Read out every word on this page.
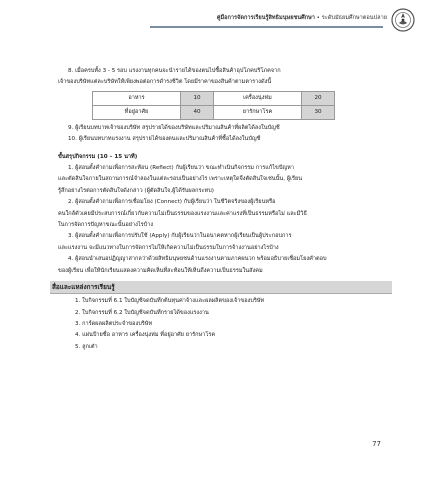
คู่มือการจัดการเรียนรู้สิทธิมนุษยชนศึกษา • ระดับมัธยมศึกษาตอนปลาย

8. เมื่อครบทั้ง 3 - 5 รอบ แรงงานทุกคนจะนำรายได้ของตนไปซื้อสินค้าอุปโภคบริโภคจาก

เจ้าของบริษัทแต่ละบริษัทให้เพียงพอต่อการดำรงชีวิต โดยมีราคาของสินค้าตามตารางดังนี้

อาหาร	10	เครื่องนุ่งห่ม	20
ที่อยู่อาศัย	40	ยารักษาโรค	30

9. ผู้เรียนบทบาทเจ้าของบริษัท สรุปรายได้ของบริษัทและปริมาณสินค้าที่ผลิตได้ลงในบัญชี

10. ผู้เรียนบทบาทแรงงาน สรุปรายได้ของตนและปริมาณสินค้าที่ซื้อได้ลงในบัญชี

ขั้นสรุปกิจกรรม (10 – 15 นาที)

1. ผู้สอนตั้งคำถามเพื่อการสะท้อน (Reflect) กับผู้เรียนว่า ขณะทำเนินกิจกรรม การแก้ไขปัญหา

และตัดสินใจภายในสถานการณ์จำลองในแต่ละรอบเป็นอย่างไร เพราะเหตุใดจึงตัดสินใจเช่นนั้น, ผู้เรียน

รู้สึกอย่างไรต่อการตัดสินใจดังกล่าว (ผู้ตัดสินใจ,ผู้ได้รับผลกระทบ)

2. ผู้สอนตั้งคำถามเพื่อการเชื่อมโยง (Connect) กับผู้เรียนว่า ในชีวิตจริงของผู้เรียนหรือ

คนใกล้ตัวเคยมีประสบการณ์เกี่ยวกับความไม่เป็นธรรมของแรงงานและค่าแรงที่เป็นธรรมหรือไม่ และมีวิธี

ในการจัดการปัญหาขณะนั้นอย่างไรบ้าง

3. ผู้สอนตั้งคำถามเพื่อการปรับใช้ (Apply) กับผู้เรียนว่าในอนาคตหากผู้เรียนเป็นผู้ประกอบการ

และแรงงาน จะมีแนวทางในการจัดการไม่ให้เกิดความไม่เป็นธรรมในการจ้างงานอย่างไรบ้าง

4. ผู้สอนนำเสนอปฏิญญาสากลว่าด้วยสิทธิมนุษยชนด้านแรงงานตามภาคผนวก พร้อมอธิบายเชื่อมโยงคำตอบ

ของผู้เรียน เพื่อให้นักเรียนแสดงความคิดเห็นที่สะท้อนให้เห็นถึงความเป็นธรรมในสังคม

สื่อและแหล่งการเรียนรู้

1. ใบกิจกรรมที่ 6.1 ใบบัญชีจดบันทึกต้นทุนค่าจ้างและผลผลิตของเจ้าของบริษัท

2. ใบกิจกรรมที่ 6.2 ใบบัญชีจดบันทึกรายได้ของแรงงาน

3. การ์ดผลผลิตประจำของบริษัท

4. แผ่นป้ายชื่อ อาหาร เครื่องนุ่งห่ม ที่อยู่อาศัย ยารักษาโรค

5. ลูกเต๋า

77
